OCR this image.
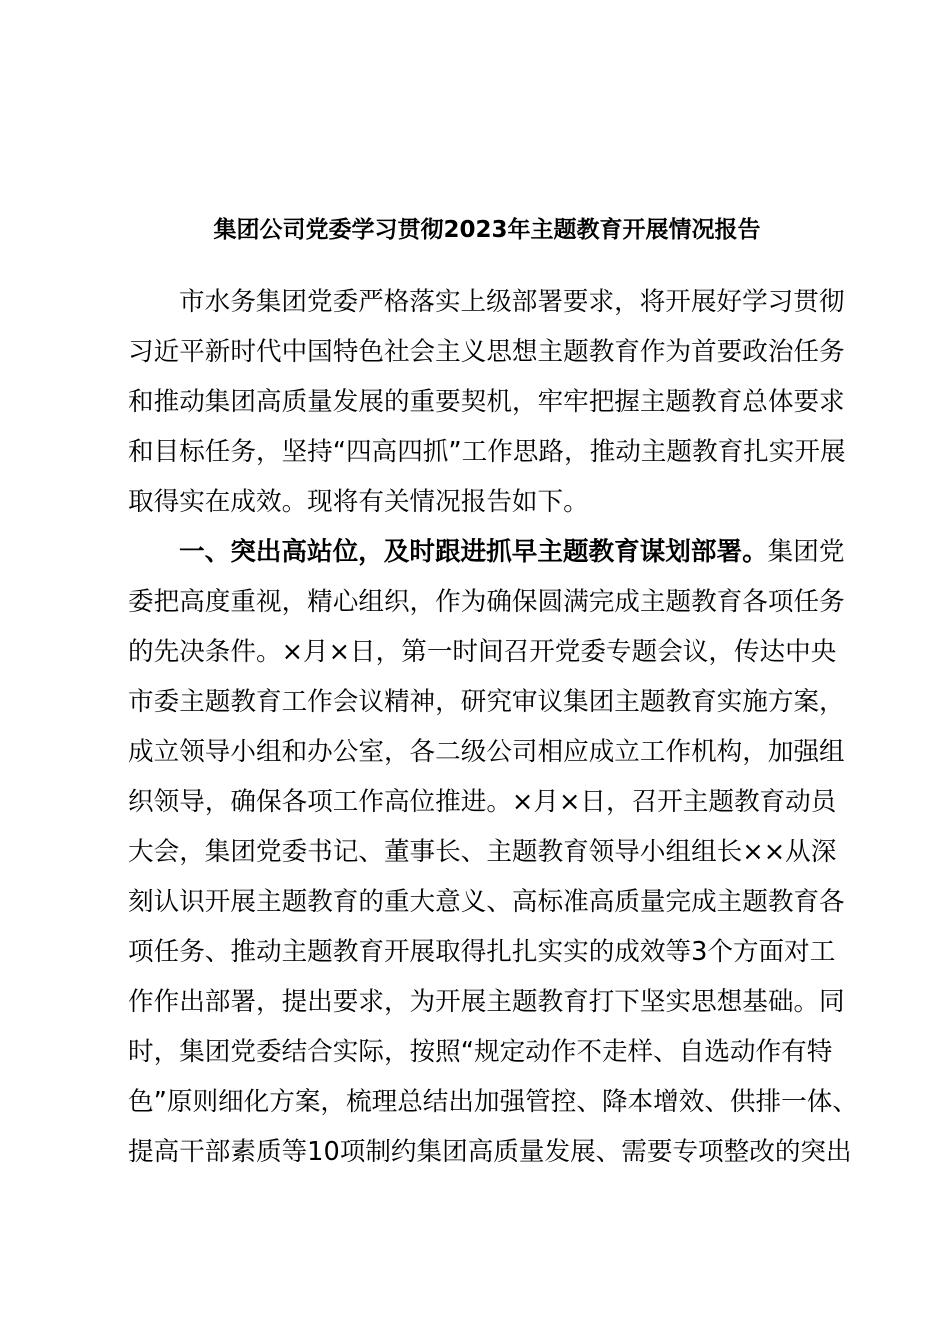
集团公司党委学习贯彻2023年主题教育开展情况报告
市水务集团党委严格落实上级部署要求，将开展好学习贯彻
习近平新时代中国特色社会主义思想主题教育作为首要政治任务
和推动集团高质量发展的重要契机，牢牢把握主题教育总体要求
和目标任务，坚持“四高四抓”工作思路，推动主题教育扎实开展
取得实在成效。现将有关情况报告如下。
一、突出高站位，及时跟进抓早主题教育谋划部署。集团党
委把高度重视，精心组织，作为确保圆满完成主题教育各项任务
的先决条件。×月×日，第一时间召开党委专题会议，传达中央
市委主题教育工作会议精神，研究审议集团主题教育实施方案，
成立领导小组和办公室，各二级公司相应成立工作机构，加强组
织领导，确保各项工作高位推进。×月×日，召开主题教育动员
大会，集团党委书记、董事长、主题教育领导小组组长××从深
刻认识开展主题教育的重大意义、高标准高质量完成主题教育各
项任务、推动主题教育开展取得扎扎实实的成效等3个方面对工
作作出部署，提出要求，为开展主题教育打下坚实思想基础。同
时，集团党委结合实际，按照“规定动作不走样、自选动作有特
色”原则细化方案，梳理总结出加强管控、降本增效、供排一体、
提高干部素质等10项制约集团高质量发展、需要专项整改的突出
